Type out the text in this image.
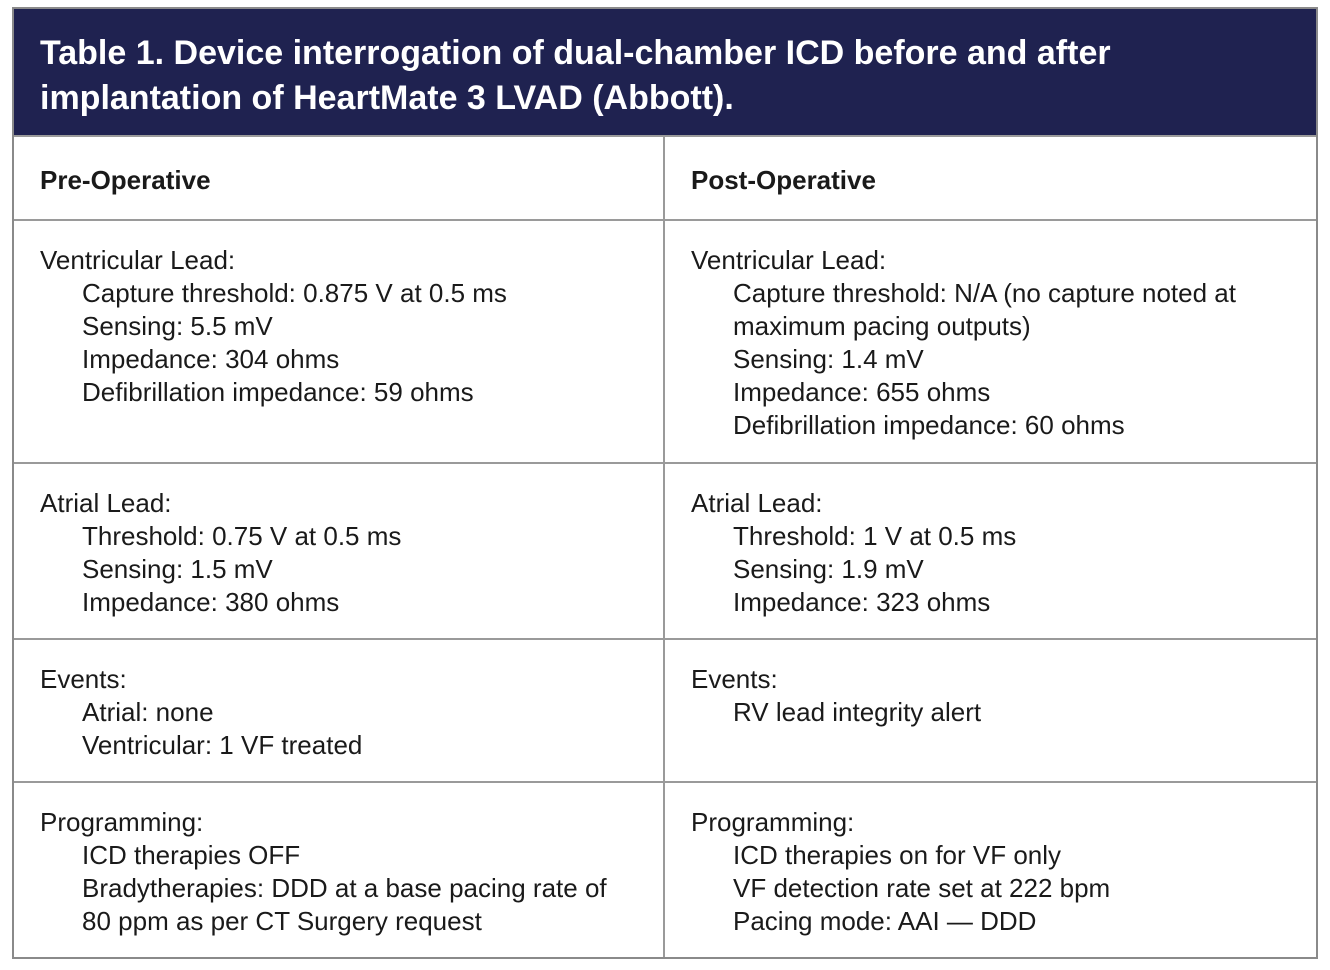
Table 1. Device interrogation of dual-chamber ICD before and after implantation of HeartMate 3 LVAD (Abbott).

Pre-Operative	Post-Operative
Ventricular Lead:
Capture threshold: 0.875 V at 0.5 ms
Sensing: 5.5 mV
Impedance: 304 ohms
Defibrillation impedance: 59 ohms
Ventricular Lead:
Capture threshold: N/A (no capture noted at
maximum pacing outputs)
Sensing: 1.4 mV
Impedance: 655 ohms
Defibrillation impedance: 60 ohms
Atrial Lead:
Threshold: 0.75 V at 0.5 ms
Sensing: 1.5 mV
Impedance: 380 ohms
Atrial Lead:
Threshold: 1 V at 0.5 ms
Sensing: 1.9 mV
Impedance: 323 ohms
Events:
Atrial: none
Ventricular: 1 VF treated
Events:
RV lead integrity alert
Programming:
ICD therapies OFF
Bradytherapies: DDD at a base pacing rate of
80 ppm as per CT Surgery request
Programming:
ICD therapies on for VF only
VF detection rate set at 222 bpm
Pacing mode: AAI — DDD
